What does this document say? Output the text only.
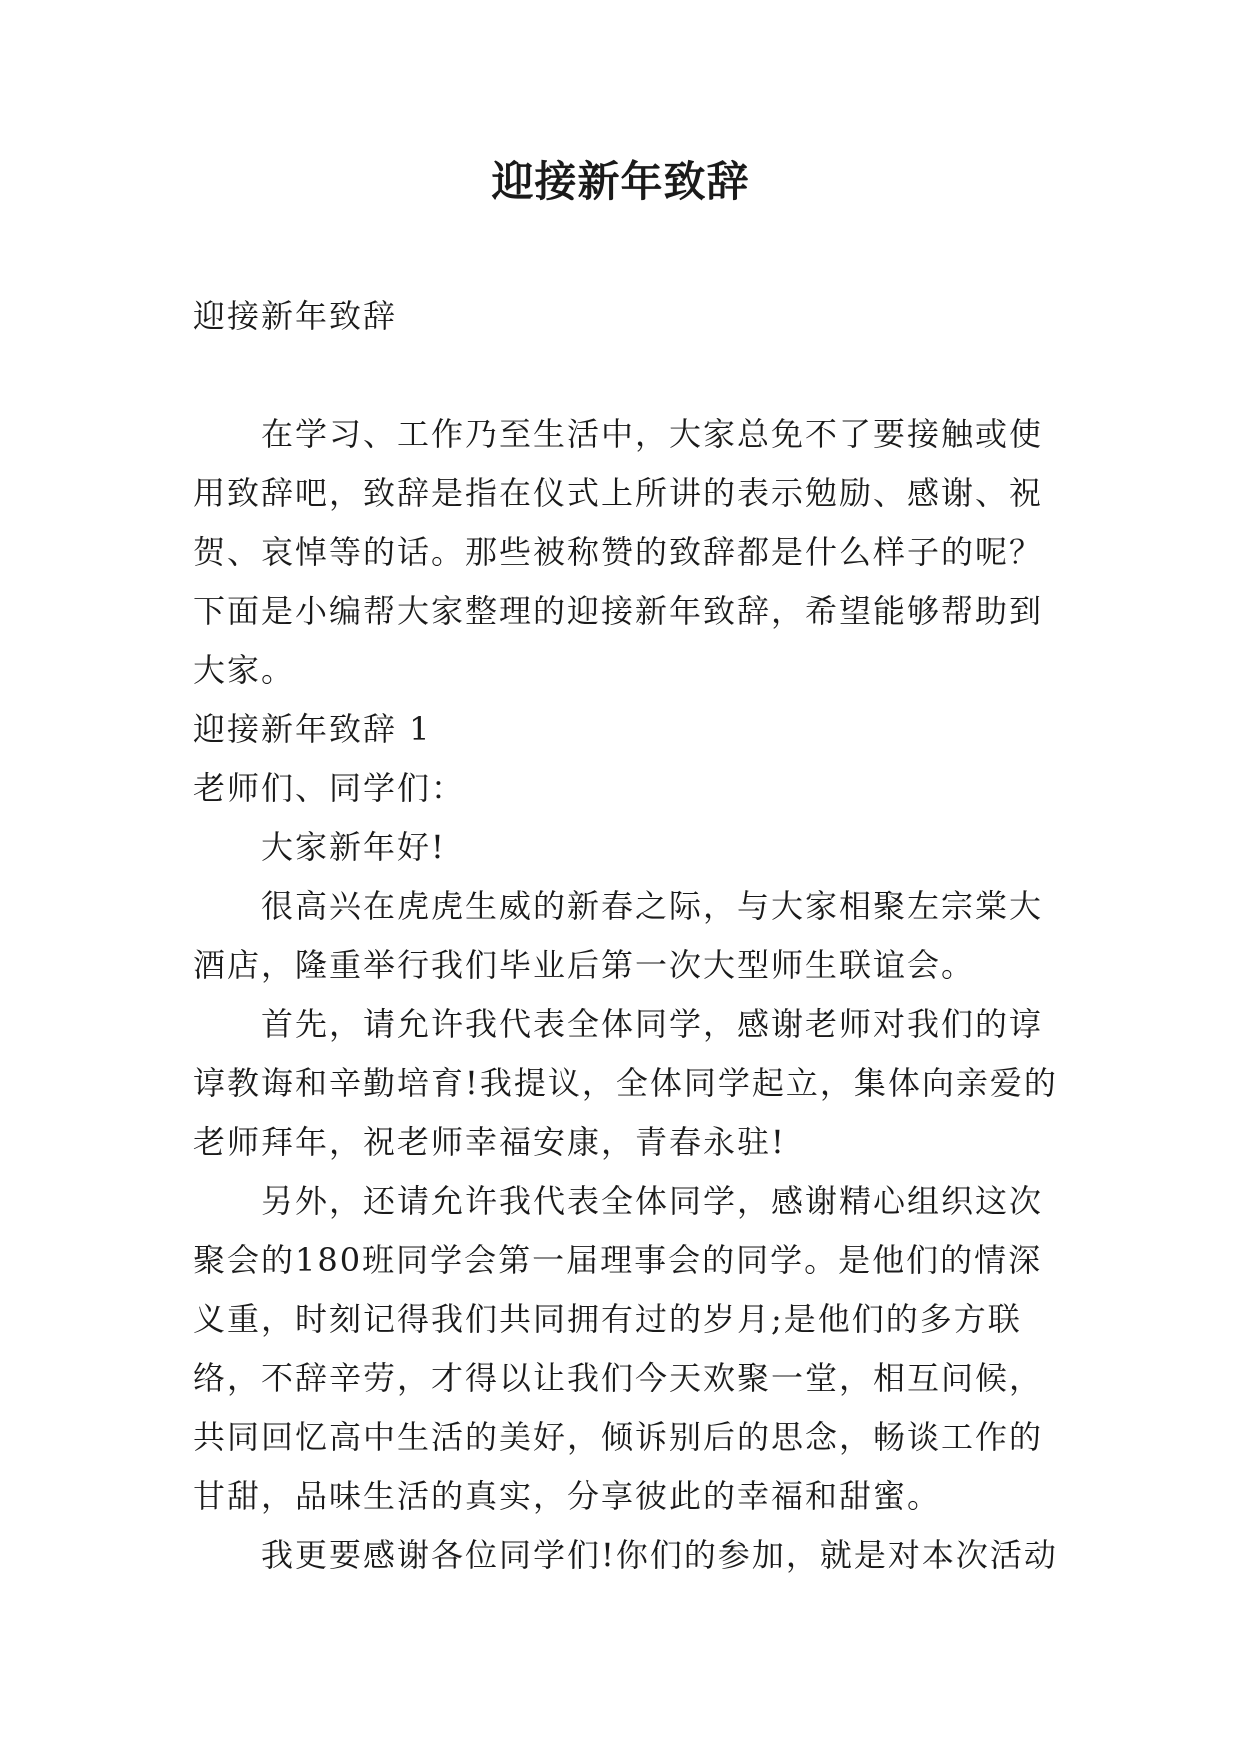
迎接新年致辞
迎接新年致辞

在学习、工作乃至生活中，大家总免不了要接触或使用致辞吧，致辞是指在仪式上所讲的表示勉励、感谢、祝贺、哀悼等的话。那些被称赞的致辞都是什么样子的呢？下面是小编帮大家整理的迎接新年致辞，希望能够帮助到大家。

迎接新年致辞 1

老师们、同学们：

大家新年好!

很高兴在虎虎生威的新春之际，与大家相聚左宗棠大酒店，隆重举行我们毕业后第一次大型师生联谊会。

首先，请允许我代表全体同学，感谢老师对我们的谆谆教诲和辛勤培育!我提议，全体同学起立，集体向亲爱的老师拜年，祝老师幸福安康，青春永驻!

另外，还请允许我代表全体同学，感谢精心组织这次聚会的180班同学会第一届理事会的同学。是他们的情深义重，时刻记得我们共同拥有过的岁月;是他们的多方联络，不辞辛劳，才得以让我们今天欢聚一堂，相互问候，共同回忆高中生活的美好，倾诉别后的思念，畅谈工作的甘甜，品味生活的真实，分享彼此的幸福和甜蜜。

我更要感谢各位同学们!你们的参加，就是对本次活动
